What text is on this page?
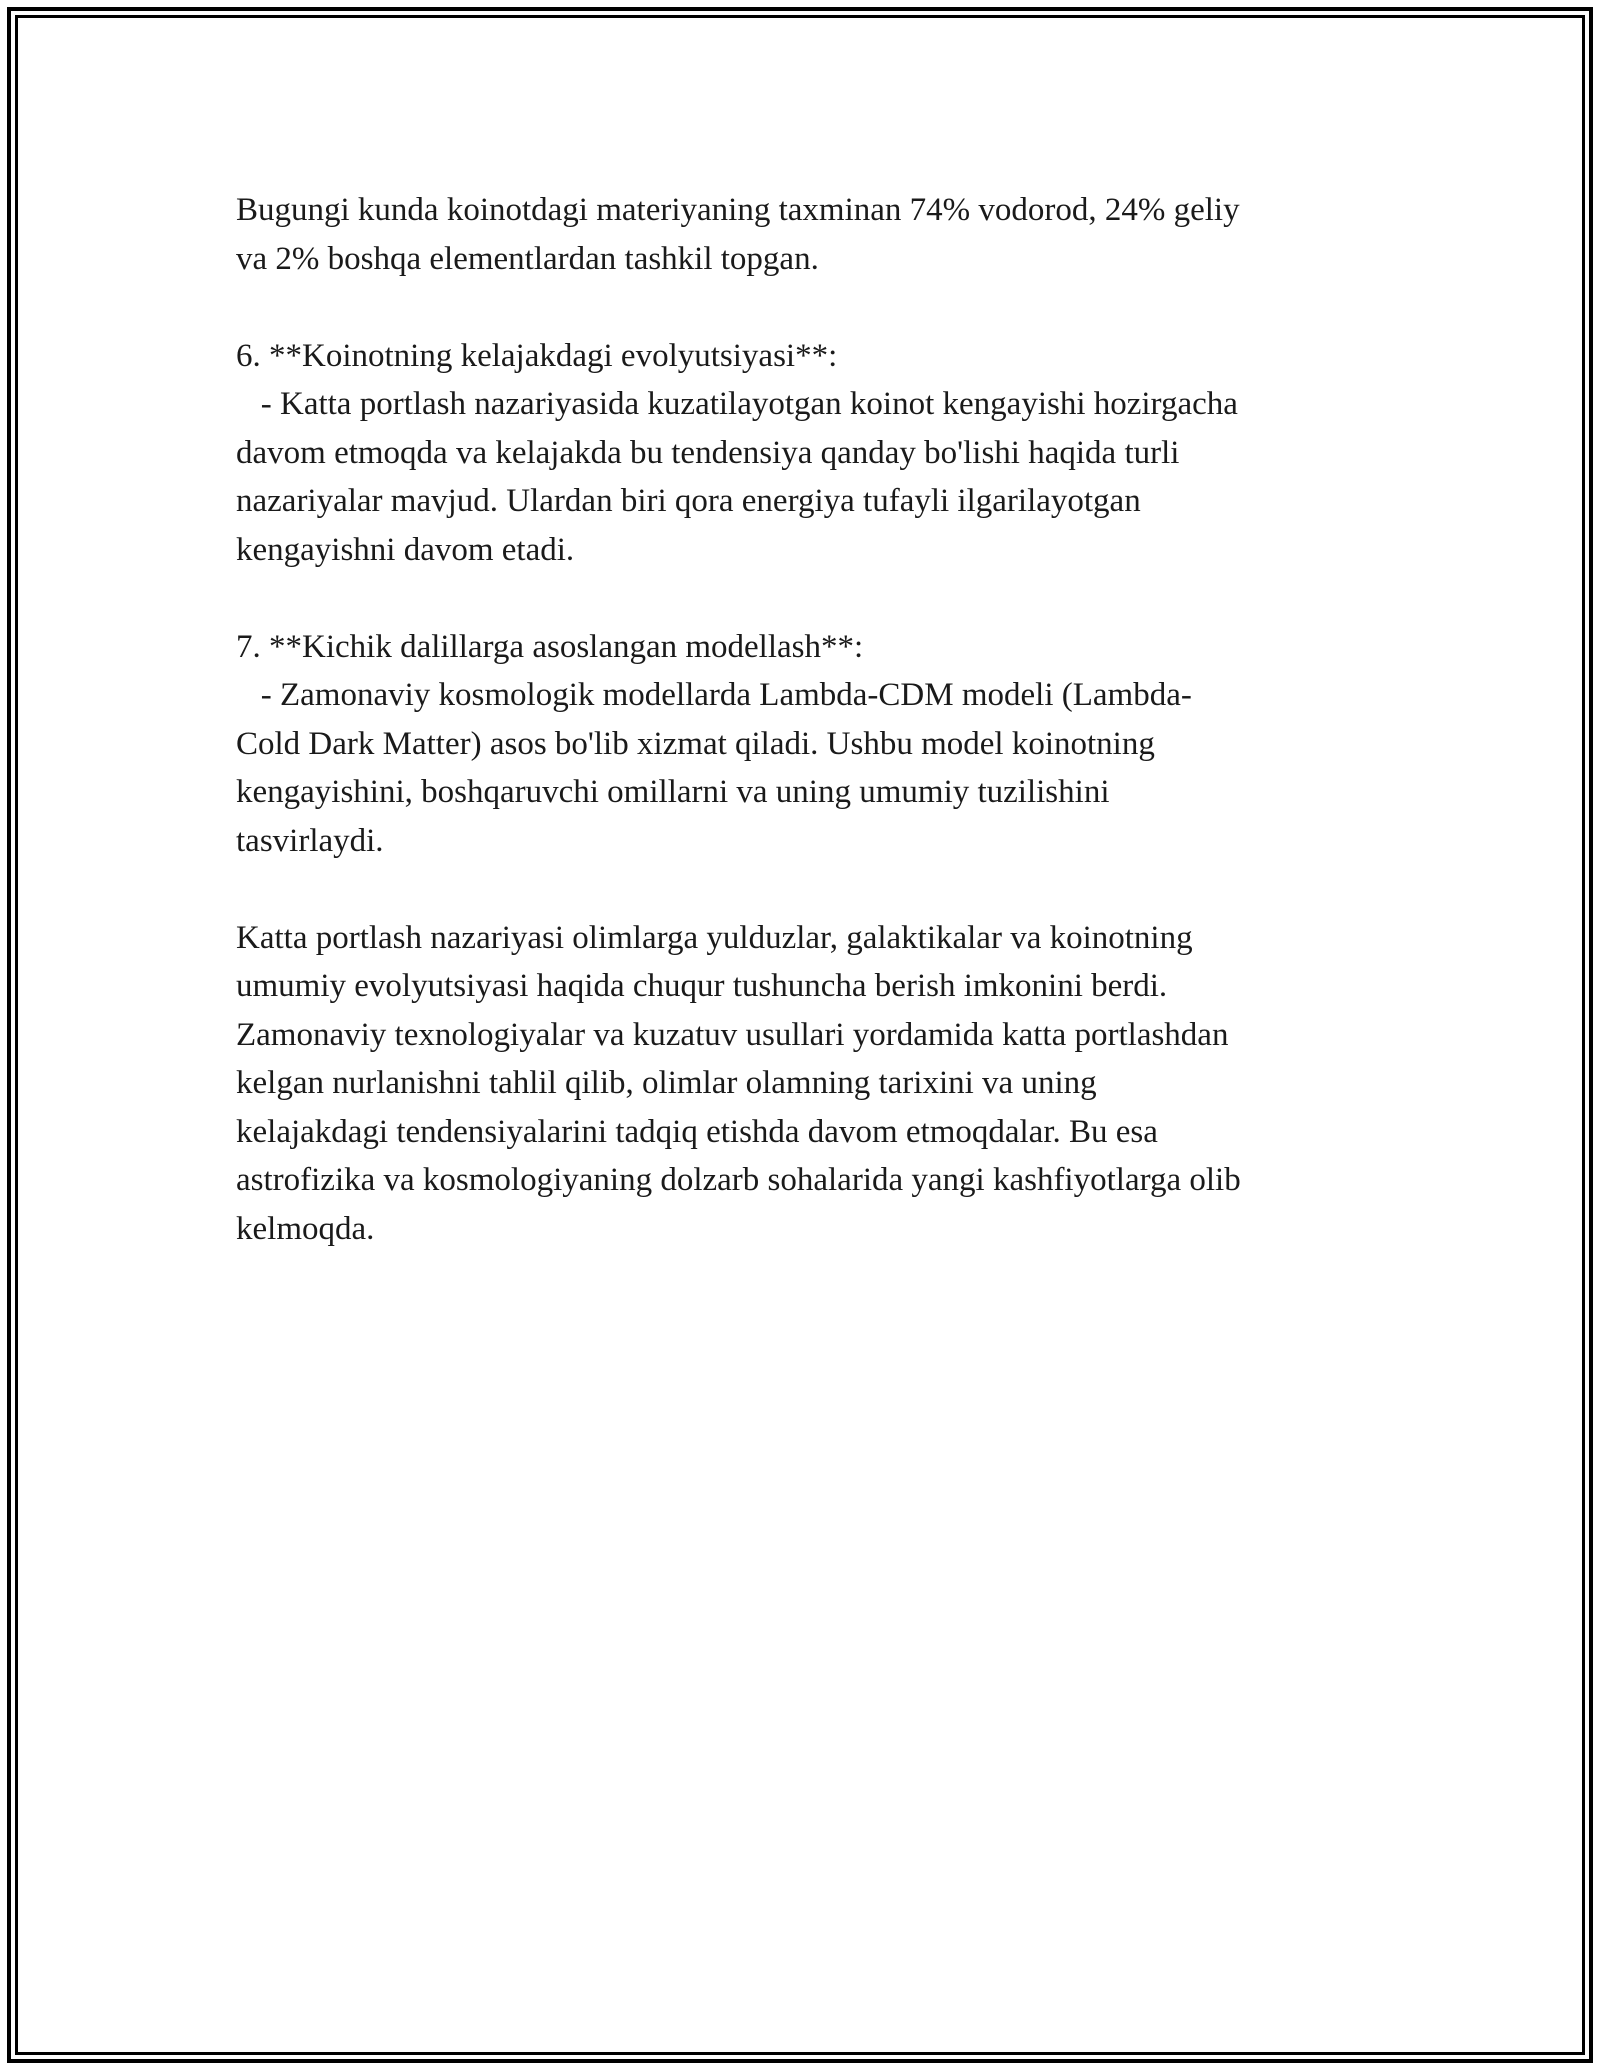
Bugungi kunda koinotdagi materiyaning taxminan 74% vodorod, 24% geliy
va 2% boshqa elementlardan tashkil topgan.
6. **Koinotning kelajakdagi evolyutsiyasi**:
- Katta portlash nazariyasida kuzatilayotgan koinot kengayishi hozirgacha
davom etmoqda va kelajakda bu tendensiya qanday bo'lishi haqida turli
nazariyalar mavjud. Ulardan biri qora energiya tufayli ilgarilayotgan
kengayishni davom etadi.
7. **Kichik dalillarga asoslangan modellash**:
- Zamonaviy kosmologik modellarda Lambda-CDM modeli (Lambda-
Cold Dark Matter) asos bo'lib xizmat qiladi. Ushbu model koinotning
kengayishini, boshqaruvchi omillarni va uning umumiy tuzilishini
tasvirlaydi.
Katta portlash nazariyasi olimlarga yulduzlar, galaktikalar va koinotning
umumiy evolyutsiyasi haqida chuqur tushuncha berish imkonini berdi.
Zamonaviy texnologiyalar va kuzatuv usullari yordamida katta portlashdan
kelgan nurlanishni tahlil qilib, olimlar olamning tarixini va uning
kelajakdagi tendensiyalarini tadqiq etishda davom etmoqdalar. Bu esa
astrofizika va kosmologiyaning dolzarb sohalarida yangi kashfiyotlarga olib
kelmoqda.
